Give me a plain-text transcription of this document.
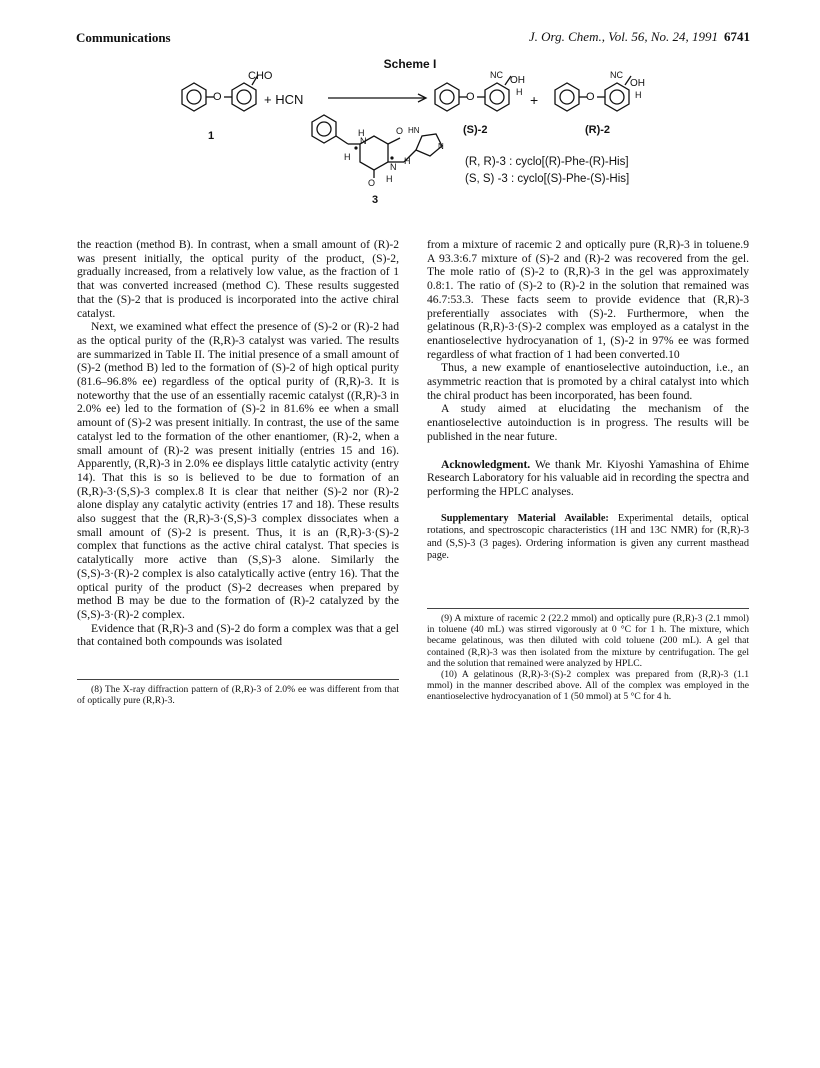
Communications	J. Org. Chem., Vol. 56, No. 24, 1991 6741
Scheme I
CHO
O	+ HCN
1
O
NC OH
H +	O
NC
OH
H
(S)-2	(R)-2
H
N
O HN
N
H
N
H
O H
3
(R, R)-3 : cyclo[(R)-Phe-(R)-His]
(S, S) -3 : cyclo[(S)-Phe-(S)-His]

the reaction (method B). In contrast, when a small amount of (R)-2 was present initially, the optical purity of the product, (S)-2, gradually increased, from a relatively low value, as the fraction of 1 that was converted increased (method C). These results suggested that the (S)-2 that is produced is incorporated into the active chiral catalyst.

Next, we examined what effect the presence of (S)-2 or (R)-2 had as the optical purity of the (R,R)-3 catalyst was varied. The results are summarized in Table II. The initial presence of a small amount of (S)-2 (method B) led to the formation of (S)-2 of high optical purity (81.6–96.8% ee) regardless of the optical purity of (R,R)-3. It is noteworthy that the use of an essentially racemic catalyst ((R,R)-3 in 2.0% ee) led to the formation of (S)-2 in 81.6% ee when a small amount of (S)-2 was present initially. In contrast, the use of the same catalyst led to the formation of the other enantiomer, (R)-2, when a small amount of (R)-2 was present initially (entries 15 and 16). Apparently, (R,R)-3 in 2.0% ee displays little catalytic activity (entry 14). That this is so is believed to be due to formation of an (R,R)-3·(S,S)-3 complex.8 It is clear that neither (S)-2 nor (R)-2 alone display any catalytic activity (entries 17 and 18). These results also suggest that the (R,R)-3·(S,S)-3 complex dissociates when a small amount of (S)-2 is present. Thus, it is an (R,R)-3·(S)-2 complex that functions as the active chiral catalyst. That species is catalytically more active than (S,S)-3 alone. Similarly the (S,S)-3·(R)-2 complex is also catalytically active (entry 16). That the optical purity of the product (S)-2 decreases when prepared by method B may be due to the formation of (R)-2 catalyzed by the (S,S)-3·(R)-2 complex.

Evidence that (R,R)-3 and (S)-2 do form a complex was that a gel that contained both compounds was isolated

(8) The X-ray diffraction pattern of (R,R)-3 of 2.0% ee was different from that of optically pure (R,R)-3.

from a mixture of racemic 2 and optically pure (R,R)-3 in toluene.9 A 93.3:6.7 mixture of (S)-2 and (R)-2 was recovered from the gel. The mole ratio of (S)-2 to (R,R)-3 in the gel was approximately 0.8:1. The ratio of (S)-2 to (R)-2 in the solution that remained was 46.7:53.3. These facts seem to provide evidence that (R,R)-3 preferentially associates with (S)-2. Furthermore, when the gelatinous (R,R)-3·(S)-2 complex was employed as a catalyst in the enantioselective hydrocyanation of 1, (S)-2 in 97% ee was formed regardless of what fraction of 1 had been converted.10

Thus, a new example of enantioselective autoinduction, i.e., an asymmetric reaction that is promoted by a chiral catalyst into which the chiral product has been incorporated, has been found.

A study aimed at elucidating the mechanism of the enantioselective autoinduction is in progress. The results will be published in the near future.

Acknowledgment. We thank Mr. Kiyoshi Yamashina of Ehime Research Laboratory for his valuable aid in recording the spectra and performing the HPLC analyses.

Supplementary Material Available: Experimental details, optical rotations, and spectroscopic characteristics (1H and 13C NMR) for (R,R)-3 and (S,S)-3 (3 pages). Ordering information is given any current masthead page.

(9) A mixture of racemic 2 (22.2 mmol) and optically pure (R,R)-3 (2.1 mmol) in toluene (40 mL) was stirred vigorously at 0 °C for 1 h. The mixture, which became gelatinous, was then diluted with cold toluene (200 mL). A gel that contained (R,R)-3 was then isolated from the mixture by centrifugation. The gel and the solution that remained were analyzed by HPLC.

(10) A gelatinous (R,R)-3·(S)-2 complex was prepared from (R,R)-3 (1.1 mmol) in the manner described above. All of the complex was employed in the enantioselective hydrocyanation of 1 (50 mmol) at 5 °C for 4 h.
